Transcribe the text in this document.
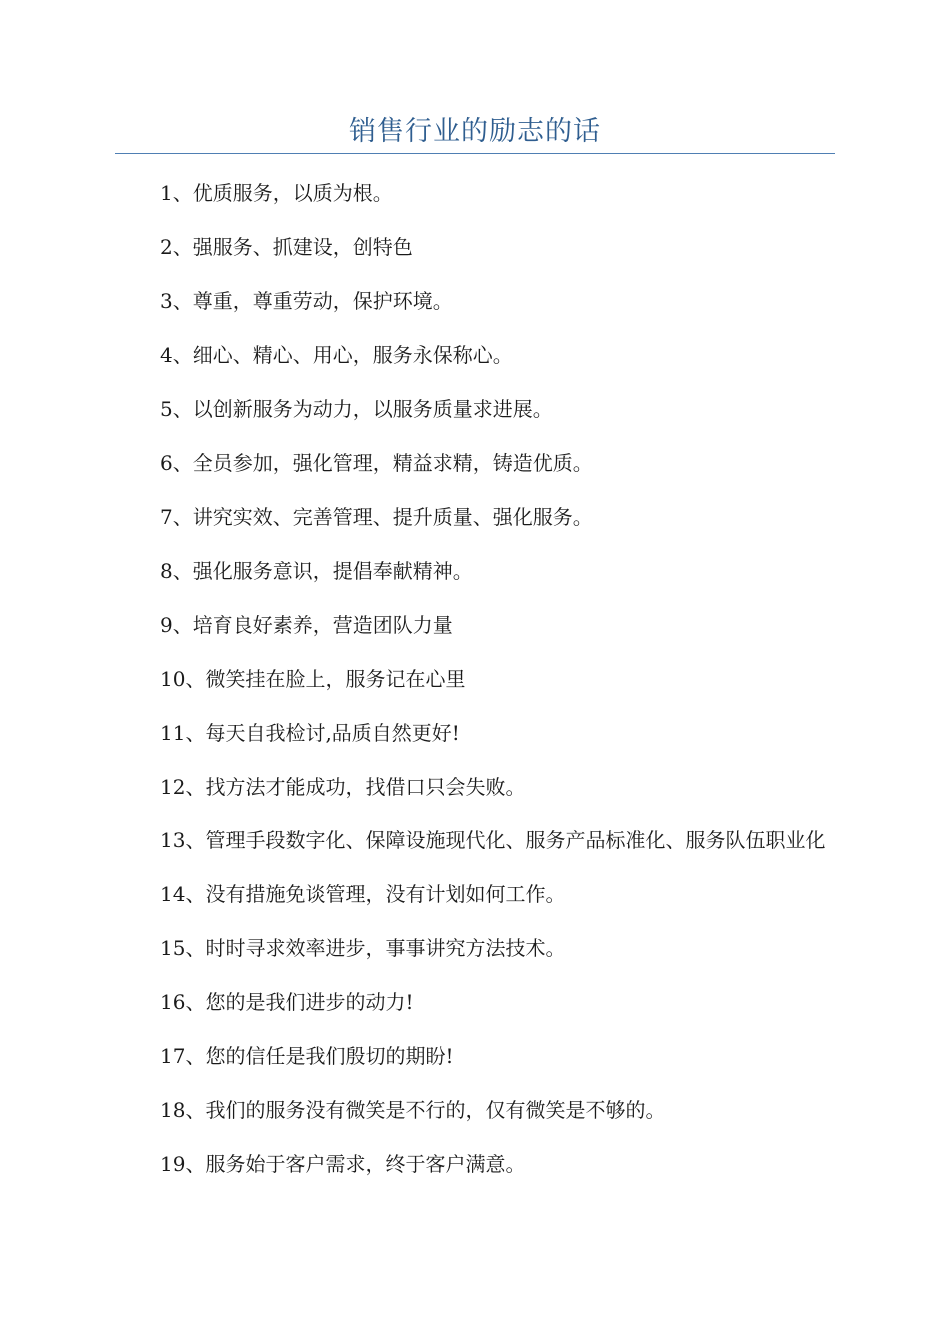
销售行业的励志的话
1、优质服务，以质为根。
2、强服务、抓建设，创特色
3、尊重，尊重劳动，保护环境。
4、细心、精心、用心，服务永保称心。
5、以创新服务为动力，以服务质量求进展。
6、全员参加，强化管理，精益求精，铸造优质。
7、讲究实效、完善管理、提升质量、强化服务。
8、强化服务意识，提倡奉献精神。
9、培育良好素养，营造团队力量
10、微笑挂在脸上，服务记在心里
11、每天自我检讨,品质自然更好!
12、找方法才能成功，找借口只会失败。
13、管理手段数字化、保障设施现代化、服务产品标准化、服务队伍职业化
14、没有措施免谈管理，没有计划如何工作。
15、时时寻求效率进步，事事讲究方法技术。
16、您的是我们进步的动力!
17、您的信任是我们殷切的期盼!
18、我们的服务没有微笑是不行的，仅有微笑是不够的。
19、服务始于客户需求，终于客户满意。
